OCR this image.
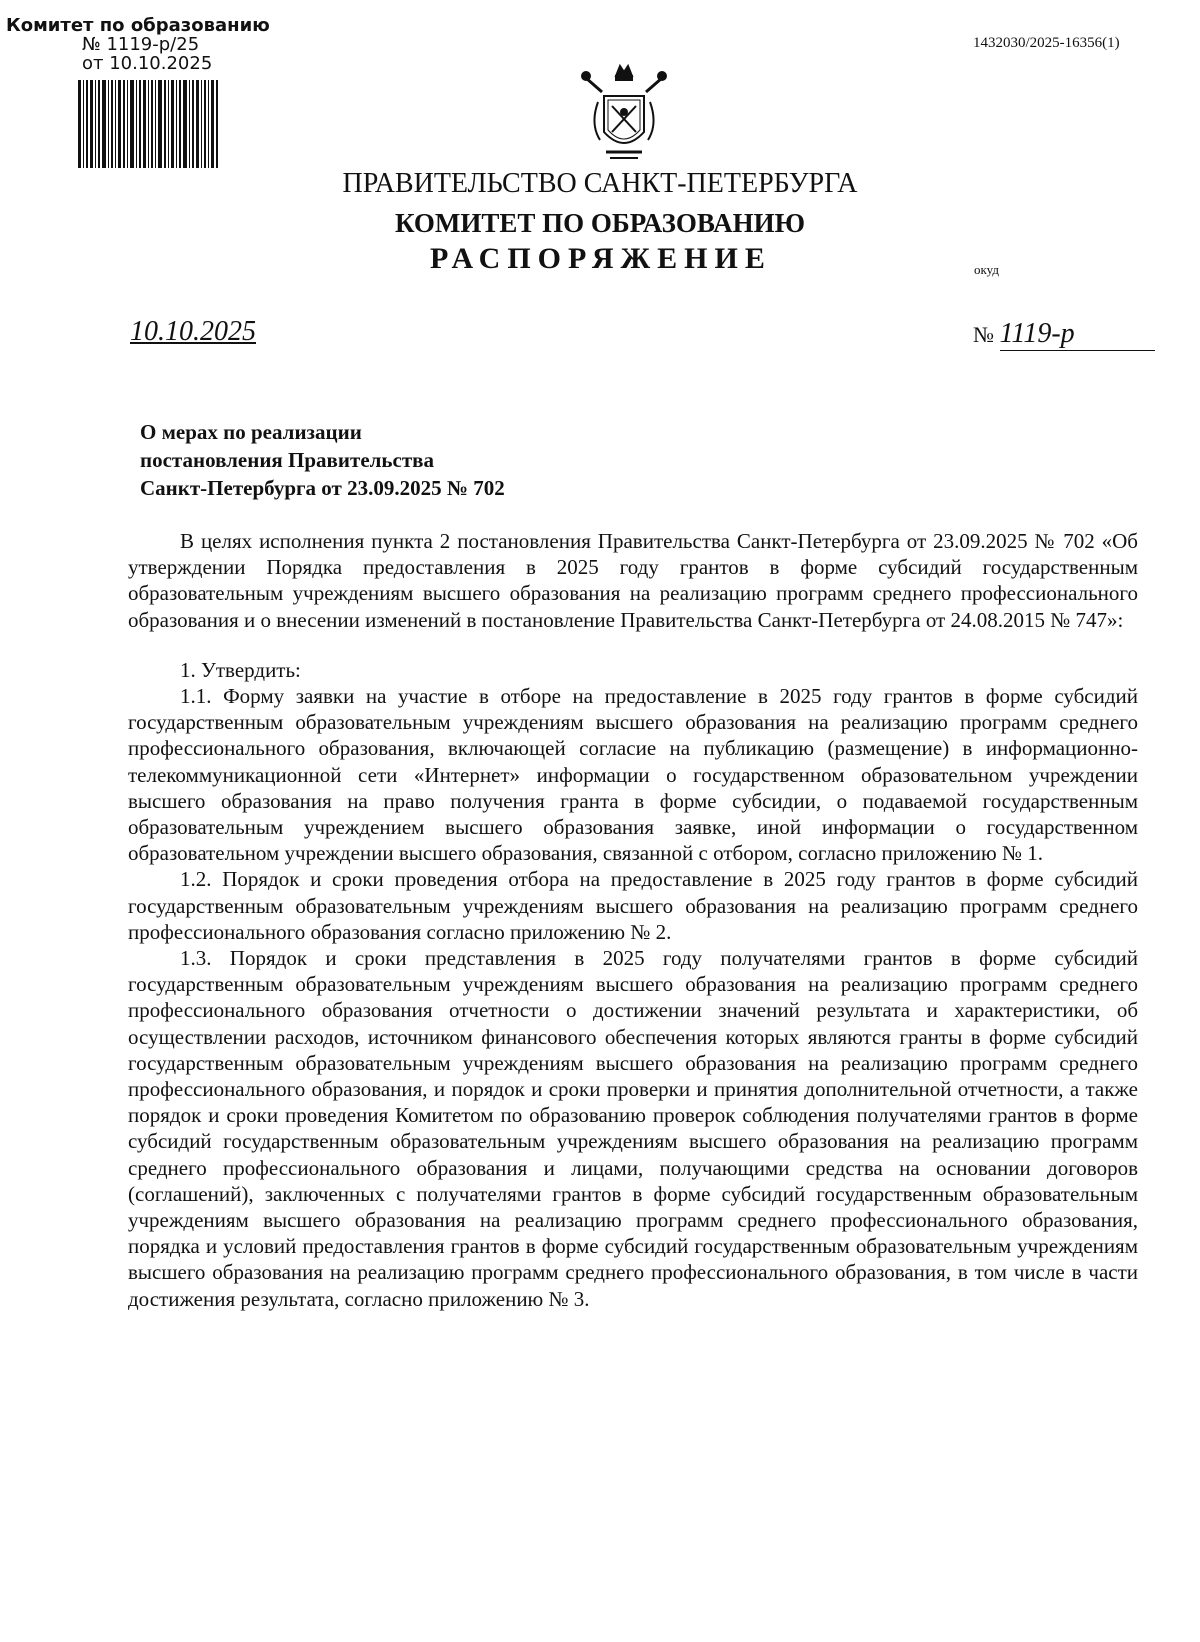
Комитет по образованию
№ 1119-р/25
от 10.10.2025
1432030/2025-16356(1)
ПРАВИТЕЛЬСТВО САНКТ-ПЕТЕРБУРГА
КОМИТЕТ ПО ОБРАЗОВАНИЮ
РАСПОРЯЖЕНИЕ	окуд
10.10.2025	№ 1119-р
О мерах по реализации
постановления Правительства
Санкт-Петербурга от 23.09.2025 № 702

В целях исполнения пункта 2 постановления Правительства Санкт-Петербурга от 23.09.2025 № 702 «Об утверждении Порядка предоставления в 2025 году грантов в форме субсидий государственным образовательным учреждениям высшего образования на реализацию программ среднего профессионального образования и о внесении изменений в постановление Правительства Санкт-Петербурга от 24.08.2015 № 747»:

1. Утвердить:

1.1. Форму заявки на участие в отборе на предоставление в 2025 году грантов в форме субсидий государственным образовательным учреждениям высшего образования на реализацию программ среднего профессионального образования, включающей согласие на публикацию (размещение) в информационно-телекоммуникационной сети «Интернет» информации о государственном образовательном учреждении высшего образования на право получения гранта в форме субсидии, о подаваемой государственным образовательным учреждением высшего образования заявке, иной информации о государственном образовательном учреждении высшего образования, связанной с отбором, согласно приложению № 1.

1.2. Порядок и сроки проведения отбора на предоставление в 2025 году грантов в форме субсидий государственным образовательным учреждениям высшего образования на реализацию программ среднего профессионального образования согласно приложению № 2.

1.3. Порядок и сроки представления в 2025 году получателями грантов в форме субсидий государственным образовательным учреждениям высшего образования на реализацию программ среднего профессионального образования отчетности о достижении значений результата и характеристики, об осуществлении расходов, источником финансового обеспечения которых являются гранты в форме субсидий государственным образовательным учреждениям высшего образования на реализацию программ среднего профессионального образования, и порядок и сроки проверки и принятия дополнительной отчетности, а также порядок и сроки проведения Комитетом по образованию проверок соблюдения получателями грантов в форме субсидий государственным образовательным учреждениям высшего образования на реализацию программ среднего профессионального образования и лицами, получающими средства на основании договоров (соглашений), заключенных с получателями грантов в форме субсидий государственным образовательным учреждениям высшего образования на реализацию программ среднего профессионального образования, порядка и условий предоставления грантов в форме субсидий государственным образовательным учреждениям высшего образования на реализацию программ среднего профессионального образования, в том числе в части достижения результата, согласно приложению № 3.
